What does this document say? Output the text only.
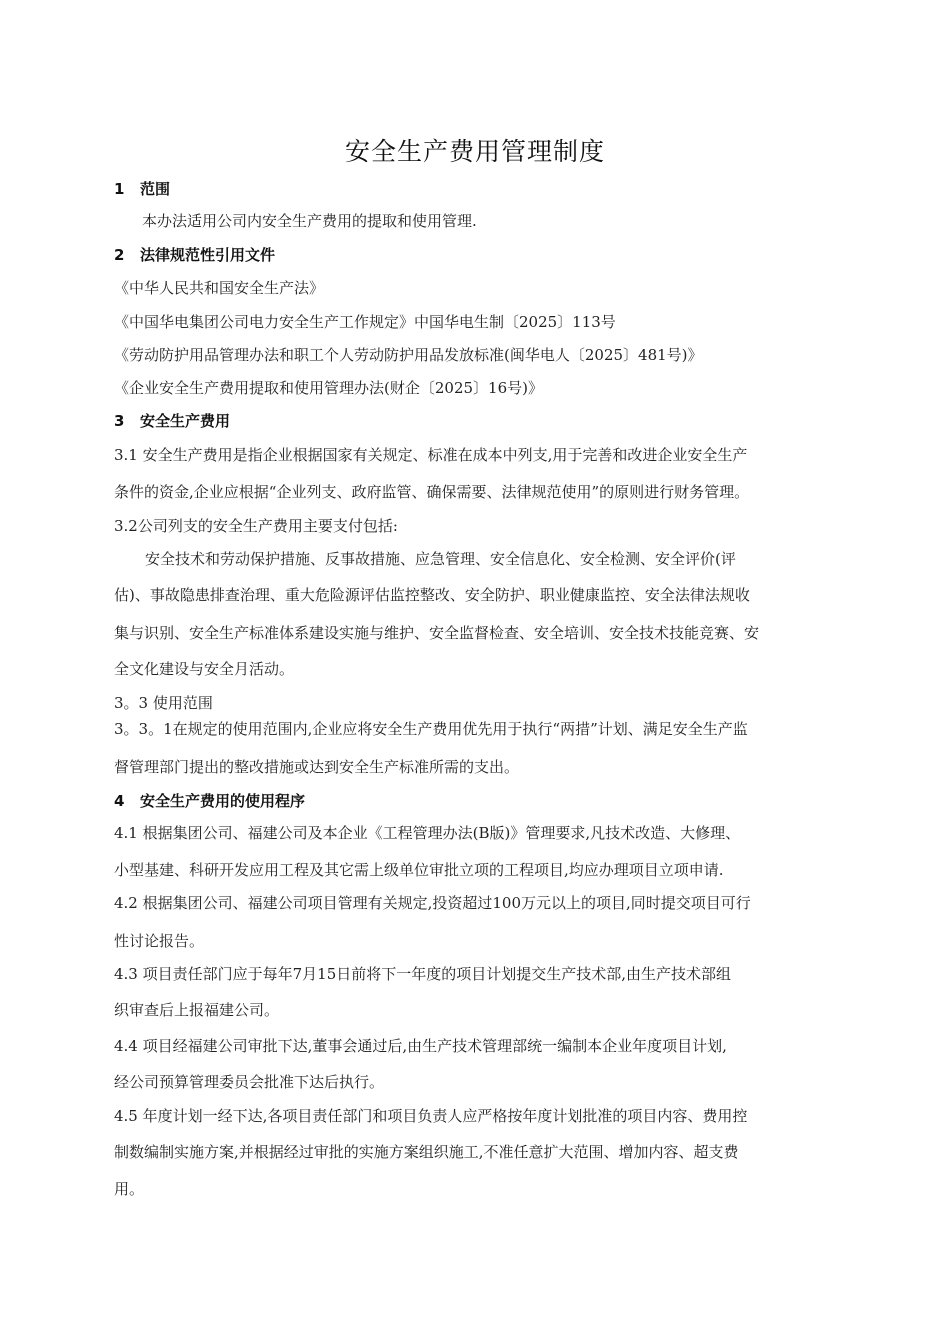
安全生产费用管理制度
1 范围
本办法适用公司内安全生产费用的提取和使用管理.
2 法律规范性引用文件
《中华人民共和国安全生产法》
《中国华电集团公司电力安全生产工作规定》中国华电生制〔2025〕113号
《劳动防护用品管理办法和职工个人劳动防护用品发放标准(闽华电人〔2025〕481号)》
《企业安全生产费用提取和使用管理办法(财企〔2025〕16号)》
3 安全生产费用
3.1 安全生产费用是指企业根据国家有关规定、标准在成本中列支,用于完善和改进企业安全生产
条件的资金,企业应根据“企业列支、政府监管、确保需要、法律规范使用”的原则进行财务管理。
3.2公司列支的安全生产费用主要支付包括:
安全技术和劳动保护措施、反事故措施、应急管理、安全信息化、安全检测、安全评价(评
估)、事故隐患排查治理、重大危险源评估监控整改、安全防护、职业健康监控、安全法律法规收
集与识别、安全生产标准体系建设实施与维护、安全监督检查、安全培训、安全技术技能竞赛、安
全文化建设与安全月活动。
3。3 使用范围
3。3。1在规定的使用范围内,企业应将安全生产费用优先用于执行“两措”计划、满足安全生产监
督管理部门提出的整改措施或达到安全生产标准所需的支出。
4 安全生产费用的使用程序
4.1 根据集团公司、福建公司及本企业《工程管理办法(B版)》管理要求,凡技术改造、大修理、
小型基建、科研开发应用工程及其它需上级单位审批立项的工程项目,均应办理项目立项申请.
4.2 根据集团公司、福建公司项目管理有关规定,投资超过100万元以上的项目,同时提交项目可行
性讨论报告。
4.3 项目责任部门应于每年7月15日前将下一年度的项目计划提交生产技术部,由生产技术部组
织审查后上报福建公司。
4.4 项目经福建公司审批下达,董事会通过后,由生产技术管理部统一编制本企业年度项目计划,
经公司预算管理委员会批准下达后执行。
4.5 年度计划一经下达,各项目责任部门和项目负责人应严格按年度计划批准的项目内容、费用控
制数编制实施方案,并根据经过审批的实施方案组织施工,不准任意扩大范围、增加内容、超支费
用。
